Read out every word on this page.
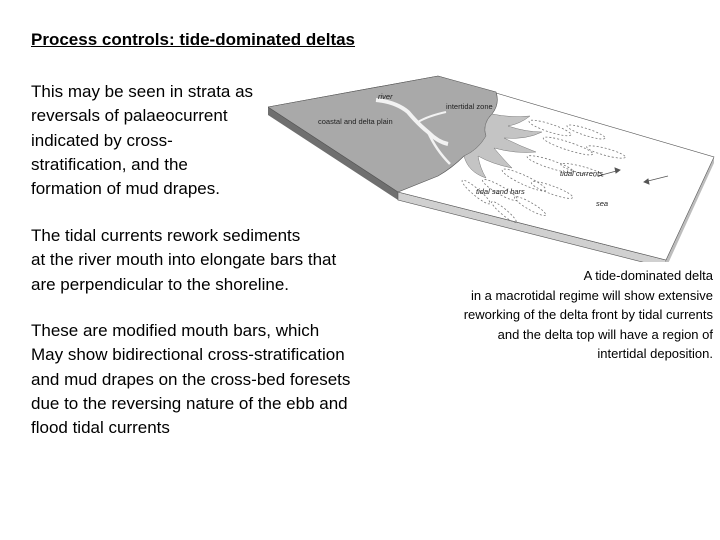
Process controls: tide-dominated deltas
This may be seen in strata as
reversals of palaeocurrent
indicated by cross-
stratification, and the
formation of mud drapes.
The tidal currents rework sediments
at the river mouth into elongate bars that
are perpendicular to the shoreline.
These are modified mouth bars, which
May show bidirectional cross-stratification
and mud drapes on the cross-bed foresets
due to the reversing nature of the ebb and
flood tidal currents
river
intertidal zone
coastal and delta plain
tidal currents
tidal sand bars
sea
A tide-dominated delta
in a macrotidal regime will show extensive
reworking of the delta front by tidal currents
and the delta top will have a region of
intertidal deposition.
